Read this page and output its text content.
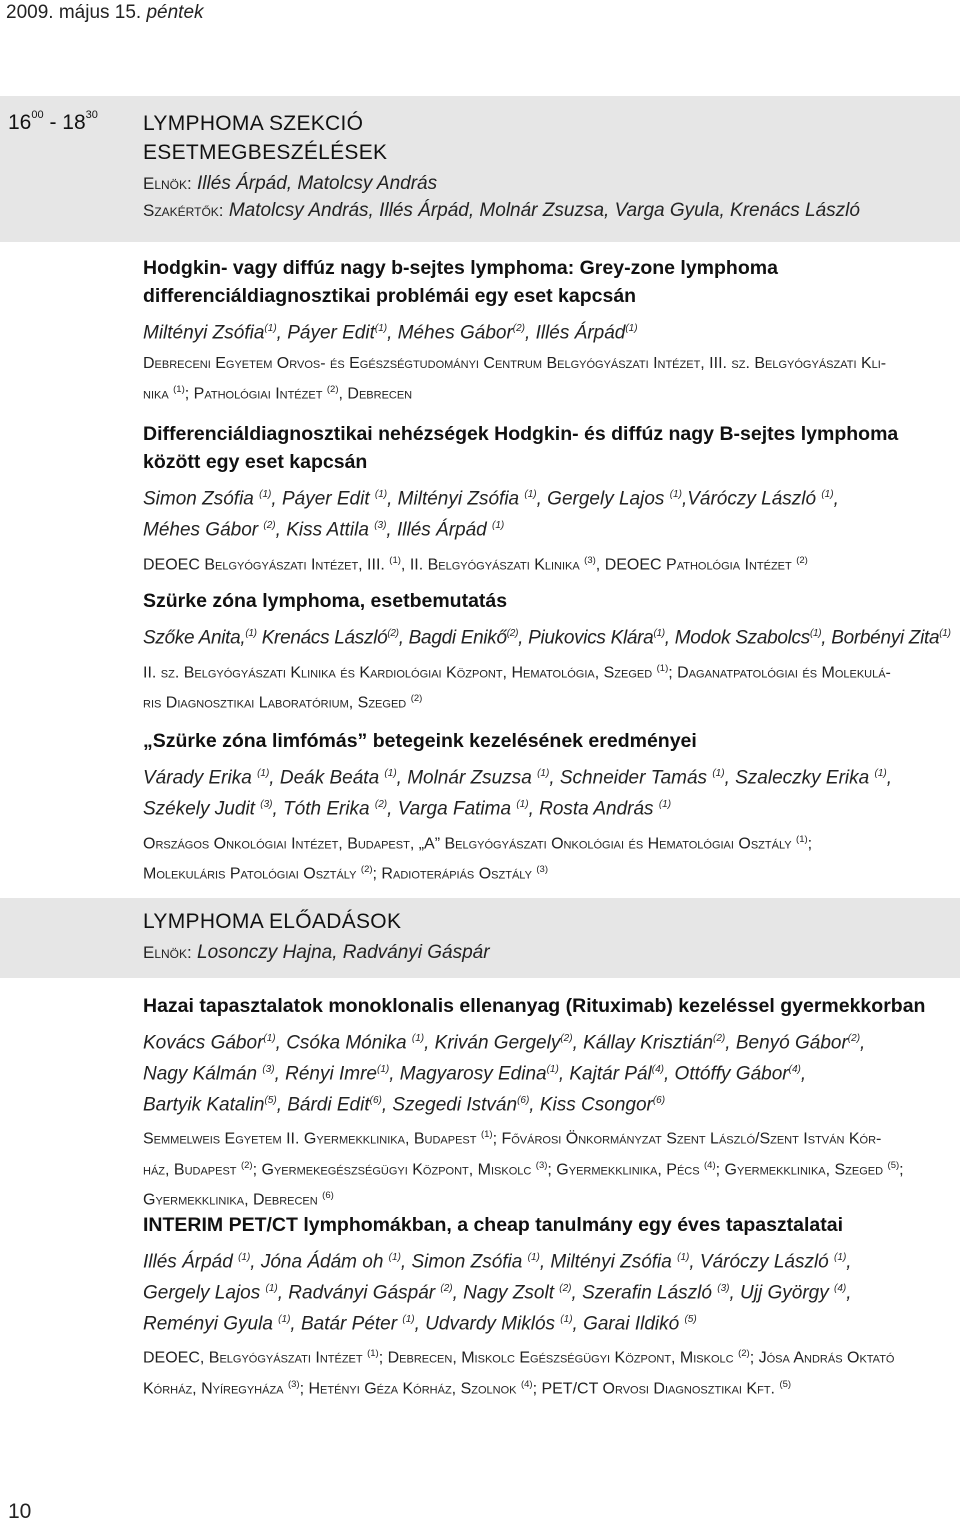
2009. május 15. péntek
$16^{00} - 18^{30}$ LYMPHOMA SZEKCIÓ
ESETMEGBESZÉLÉSEK
Elnök: Illés Árpád, Matolcsy András
Szakértők: Matolcsy András, Illés Árpád, Molnár Zsuzsa, Varga Gyula, Krenács László
Hodgkin- vagy diffúz nagy b-sejtes lymphoma: Grey-zone lymphoma differenciáldiagnosztikai problémái egy eset kapcsán
Miltényi Zsófia$^{(1)}$, Páyer Edit$^{(1)}$, Méhes Gábor$^{(2)}$, Illés Árpád$^{(1)}$
Debreceni Egyetem Orvos- és Egészségtudományi Centrum Belgyógyászati Intézet, III. sz. Belgyógyászati Kli-
nika $^{(1)}$; Pathológiai Intézet $^{(2)}$, Debrecen
Differenciáldiagnosztikai nehézségek Hodgkin- és diffúz nagy B-sejtes lymphoma között egy eset kapcsán
Simon Zsófia $^{(1)}$, Páyer Edit $^{(1)}$, Miltényi Zsófia $^{(1)}$, Gergely Lajos $^{(1)}$,Váróczy László $^{(1)}$,
Méhes Gábor $^{(2)}$, Kiss Attila $^{(3)}$, Illés Árpád $^{(1)}$
DEOEC Belgyógyászati Intézet, III. $^{(1)}$, II. Belgyógyászati Klinika $^{(3)}$, DEOEC Pathológia Intézet $^{(2)}$
Szürke zóna lymphoma, esetbemutatás
Szőke Anita,$^{(1)}$ Krenács László$^{(2)}$, Bagdi Enikő$^{(2)}$, Piukovics Klára$^{(1)}$, Modok Szabolcs$^{(1)}$, Borbényi Zita$^{(1)}$
II. sz. Belgyógyászati Klinika és Kardiológiai Központ, Hematológia, Szeged $^{(1)}$; Daganatpatológiai és Molekulá-
ris Diagnosztikai Laboratórium, Szeged $^{(2)}$
„Szürke zóna limfómás” betegeink kezelésének eredményei
Várady Erika $^{(1)}$, Deák Beáta $^{(1)}$, Molnár Zsuzsa $^{(1)}$, Schneider Tamás $^{(1)}$, Szaleczky Erika $^{(1)}$,
Székely Judit $^{(3)}$, Tóth Erika $^{(2)}$, Varga Fatima $^{(1)}$, Rosta András $^{(1)}$
Országos Onkológiai Intézet, Budapest, „A” Belgyógyászati Onkológiai és Hematológiai Osztály $^{(1)}$;
Molekuláris Patológiai Osztály $^{(2)}$; Radioterápiás Osztály $^{(3)}$
LYMPHOMA ELŐADÁSOK
Elnök: Losonczy Hajna, Radványi Gáspár
Hazai tapasztalatok monoklonalis ellenanyag (Rituximab) kezeléssel gyermekkorban
Kovács Gábor$^{(1)}$, Csóka Mónika $^{(1)}$, Kriván Gergely$^{(2)}$, Kállay Krisztián$^{(2)}$, Benyó Gábor$^{(2)}$,
Nagy Kálmán $^{(3)}$, Rényi Imre$^{(1)}$, Magyarosy Edina$^{(1)}$, Kajtár Pál$^{(4)}$, Ottóffy Gábor$^{(4)}$,
Bartyik Katalin$^{(5)}$, Bárdi Edit$^{(6)}$, Szegedi István$^{(6)}$, Kiss Csongor$^{(6)}$
Semmelweis Egyetem II. Gyermekklinika, Budapest $^{(1)}$; Fővárosi Önkormányzat Szent László/Szent István Kór-
ház, Budapest $^{(2)}$; Gyermekegészségügyi Központ, Miskolc $^{(3)}$; Gyermekklinika, Pécs $^{(4)}$; Gyermekklinika, Szeged $^{(5)}$;
Gyermekklinika, Debrecen $^{(6)}$
INTERIM PET/CT lymphomákban, a cheap tanulmány egy éves tapasztalatai
Illés Árpád $^{(1)}$, Jóna Ádám oh $^{(1)}$, Simon Zsófia $^{(1)}$, Miltényi Zsófia $^{(1)}$, Váróczy László $^{(1)}$,
Gergely Lajos $^{(1)}$, Radványi Gáspár $^{(2)}$, Nagy Zsolt $^{(2)}$, Szerafin László $^{(3)}$, Ujj György $^{(4)}$,
Reményi Gyula $^{(1)}$, Batár Péter $^{(1)}$, Udvardy Miklós $^{(1)}$, Garai Ildikó $^{(5)}$
DEOEC, Belgyógyászati Intézet $^{(1)}$; Debrecen, Miskolc Egészségügyi Központ, Miskolc $^{(2)}$; Jósa András Oktató
Kórház, Nyíregyháza $^{(3)}$; Hetényi Géza Kórház, Szolnok $^{(4)}$; PET/CT Orvosi Diagnosztikai Kft. $^{(5)}$
10
